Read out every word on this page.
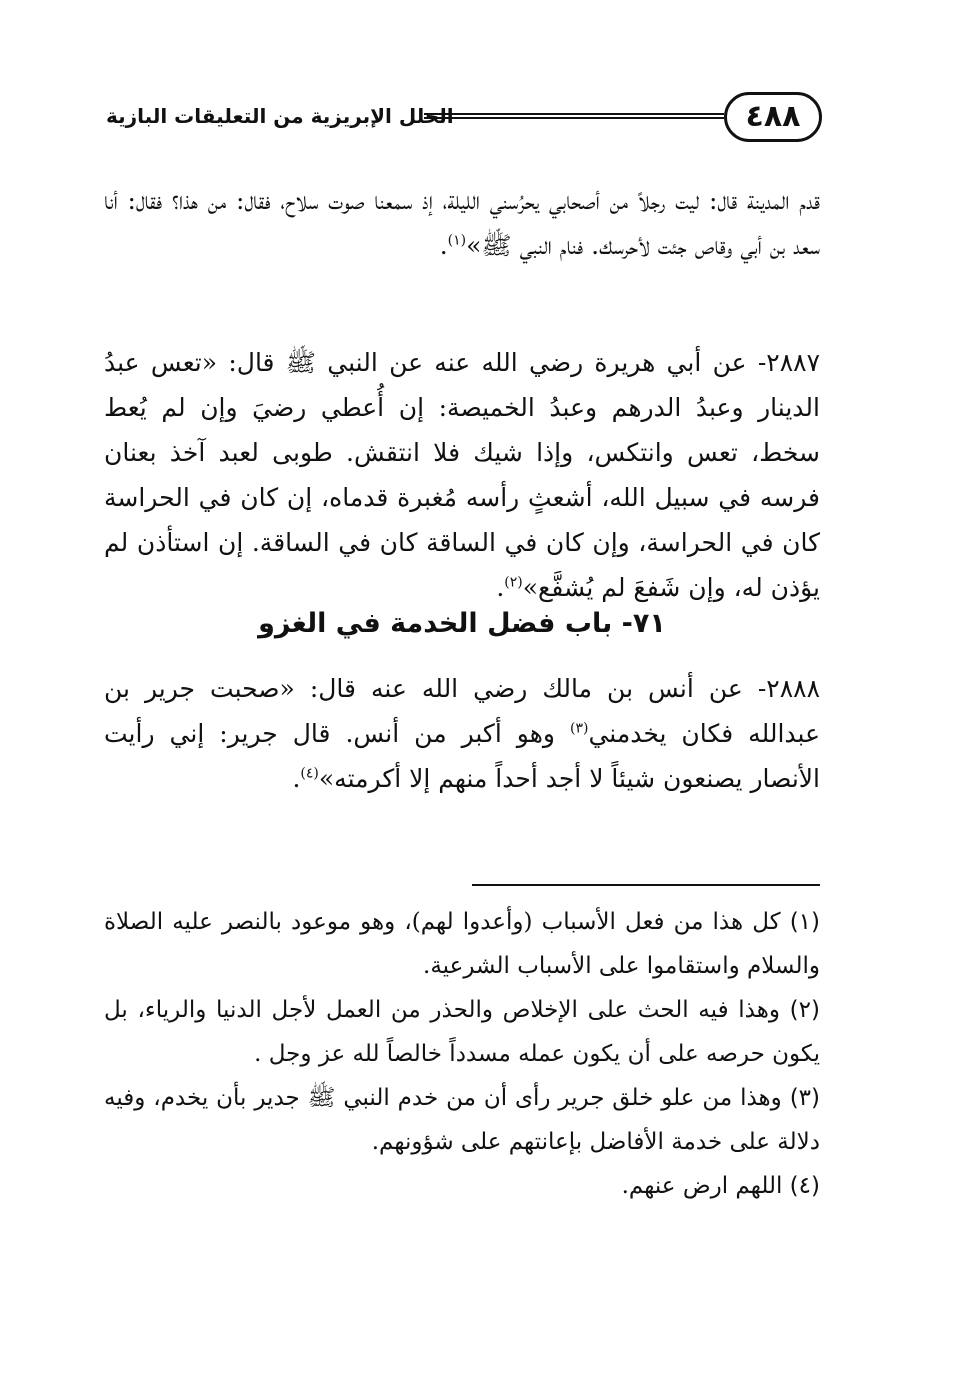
٤٨٨
الحلل الإبريزية من التعليقات البازية
قدم المدينة قال: ليت رجلاً من أصحابي يحرُسني الليلة، إذ سمعنا صوت سلاح، فقال: من هذا؟ فقال: أنا سعد بن أبي وقاص جئت لأحرسك. فنام النبي ﷺ»$^{(١)}$.
٢٨٨٧- عن أبي هريرة رضي الله عنه عن النبي ﷺ قال: «تعس عبدُ الدينار وعبدُ الدرهم وعبدُ الخميصة: إن أُعطي رضيَ وإن لم يُعط سخط، تعس وانتكس، وإذا شيك فلا انتقش. طوبى لعبد آخذ بعنان فرسه في سبيل الله، أشعثٍ رأسه مُغبرة قدماه، إن كان في الحراسة كان في الحراسة، وإن كان في الساقة كان في الساقة. إن استأذن لم يؤذن له، وإن شَفعَ لم يُشفَّع»$^{(٢)}$.
٧١- باب فضل الخدمة في الغزو
٢٨٨٨- عن أنس بن مالك رضي الله عنه قال: «صحبت جرير بن عبدالله فكان يخدمني$^{(٣)}$ وهو أكبر من أنس. قال جرير: إني رأيت الأنصار يصنعون شيئاً لا أجد أحداً منهم إلا أكرمته»$^{(٤)}$.
(١) كل هذا من فعل الأسباب (وأعدوا لهم)، وهو موعود بالنصر عليه الصلاة والسلام واستقاموا على الأسباب الشرعية.
(٢) وهذا فيه الحث على الإخلاص والحذر من العمل لأجل الدنيا والرياء، بل يكون حرصه على أن يكون عمله مسدداً خالصاً لله عز وجل .
(٣) وهذا من علو خلق جرير رأى أن من خدم النبي ﷺ جدير بأن يخدم، وفيه دلالة على خدمة الأفاضل بإعانتهم على شؤونهم.
(٤) اللهم ارض عنهم.
